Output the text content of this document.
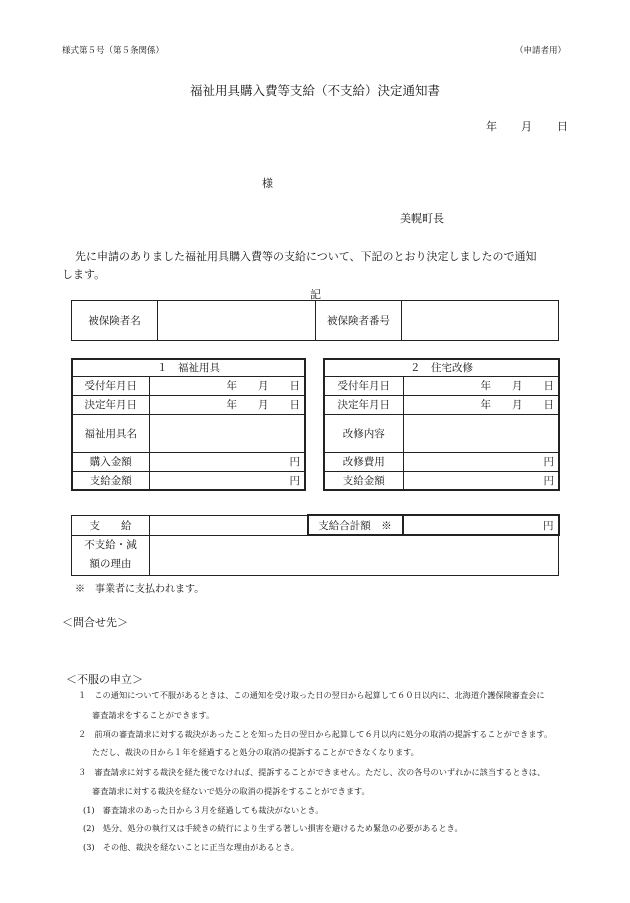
様式第５号（第５条関係）	（申請者用）
福祉用具購入費等支給（不支給）決定通知書
年 月 日
様
美幌町長
先に申請のありました福祉用具購入費等の支給について、下記のとおり決定しましたので通知
します。
記
被保険者名		被保険者番号	
１　福祉用具	
受付年月日	年　　月　　日
決定年月日	年　　月　　日
福祉用具名	
購入金額	円
支給金額	円
２　住宅改修	
受付年月日	年　　月　　日
決定年月日	年　　月　　日
改修内容	
改修費用	円
支給金額	円
支　　給		支給合計額　※	円
不支給・減
額の理由			
※　事業者に支払われます。
＜問合せ先＞
＜不服の申立＞
１　この通知について不服があるときは、この通知を受け取った日の翌日から起算して６０日以内に、北海道介護保険審査会に
審査請求をすることができます。
２　前項の審査請求に対する裁決があったことを知った日の翌日から起算して６月以内に処分の取消の提訴することができます。
ただし、裁決の日から１年を経過すると処分の取消の提訴することができなくなります。
３　審査請求に対する裁決を経た後でなければ、提訴することができません。ただし、次の各号のいずれかに該当するときは、
審査請求に対する裁決を経ないで処分の取消の提訴をすることができます。
(1)　審査請求のあった日から３月を経過しても裁決がないとき。
(2)　処分、処分の執行又は手続きの続行により生ずる著しい損害を避けるため緊急の必要があるとき。
(3)　その他、裁決を経ないことに正当な理由があるとき。
